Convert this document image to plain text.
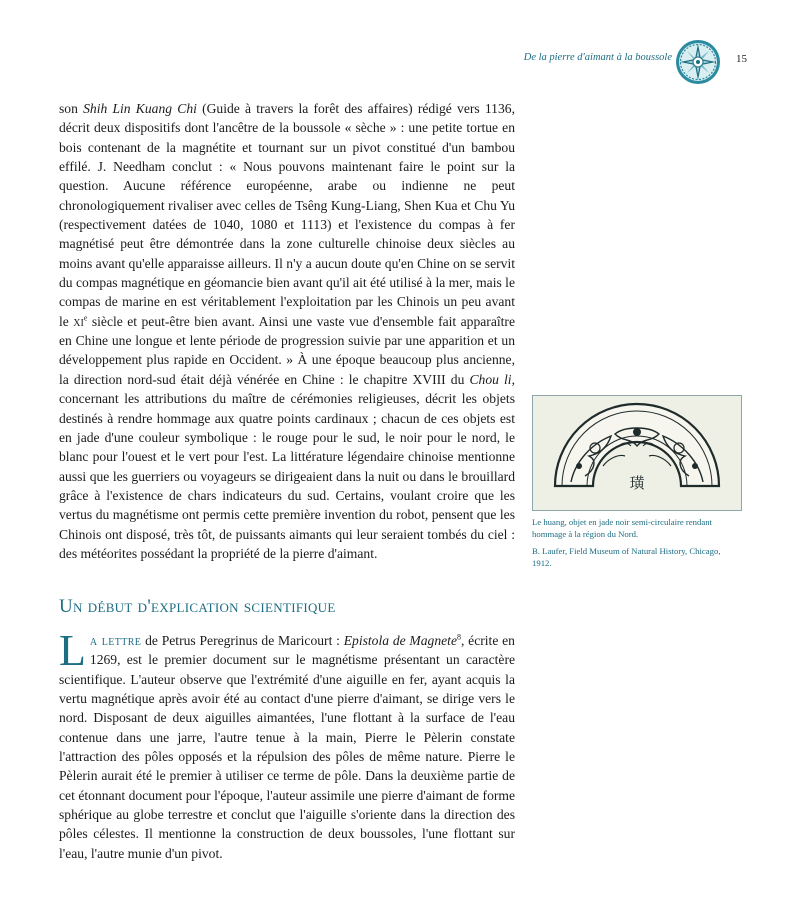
De la pierre d'aimant à la boussole	15

son Shih Lin Kuang Chi (Guide à travers la forêt des affaires) rédigé vers 1136, décrit deux dispositifs dont l'ancêtre de la boussole « sèche » : une petite tortue en bois contenant de la magnétite et tournant sur un pivot constitué d'un bambou effilé. J. Needham conclut : « Nous pouvons maintenant faire le point sur la question. Aucune référence européenne, arabe ou indienne ne peut chronologiquement rivaliser avec celles de Tsêng Kung-Liang, Shen Kua et Chu Yu (respectivement datées de 1040, 1080 et 1113) et l'existence du compas à fer magnétisé peut être démontrée dans la zone culturelle chinoise deux siècles au moins avant qu'elle apparaisse ailleurs. Il n'y a aucun doute qu'en Chine on se servit du compas magnétique en géomancie bien avant qu'il ait été utilisé à la mer, mais le compas de marine en est véritablement l'exploitation par les Chinois un peu avant le $xi^e$ siècle et peut-être bien avant. Ainsi une vaste vue d'ensemble fait apparaître en Chine une longue et lente période de progression suivie par une apparition et un développement plus rapide en Occident. » À une époque beaucoup plus ancienne, la direction nord-sud était déjà vénérée en Chine : le chapitre XVIII du Chou li, concernant les attributions du maître de cérémonies religieuses, décrit les objets destinés à rendre hommage aux quatre points cardinaux ; chacun de ces objets est en jade d'une couleur symbolique : le rouge pour le sud, le noir pour le nord, le blanc pour l'ouest et le vert pour l'est. La littérature légendaire chinoise mentionne aussi que les guerriers ou voyageurs se dirigeaient dans la nuit ou dans le brouillard grâce à l'existence de chars indicateurs du sud. Certains, voulant croire que les vertus du magnétisme ont permis cette première invention du robot, pensent que les Chinois ont disposé, très tôt, de puissants aimants qui leur seraient tombés du ciel : des météorites possédant la propriété de la pierre d'aimant.

Un début d'explication scientifique

La lettre de Petrus Peregrinus de Maricourt : Epistola de Magnete$^8$, écrite en 1269, est le premier document sur le magnétisme présentant un caractère scientifique. L'auteur observe que l'extrémité d'une aiguille en fer, ayant acquis la vertu magnétique après avoir été au contact d'une pierre d'aimant, se dirige vers le nord. Disposant de deux aiguilles aimantées, l'une flottant à la surface de l'eau contenue dans une jarre, l'autre tenue à la main, Pierre le Pèlerin constate l'attraction des pôles opposés et la répulsion des pôles de même nature. Pierre le Pèlerin aurait été le premier à utiliser ce terme de pôle. Dans la deuxième partie de cet étonnant document pour l'époque, l'auteur assimile une pierre d'aimant de forme sphérique au globe terrestre et conclut que l'aiguille s'oriente dans la direction des pôles célestes. Il mentionne la construction de deux boussoles, l'une flottant sur l'eau, l'autre munie d'un pivot.

璜

Le huang, objet en jade noir semi-circulaire rendant hommage à la région du Nord.

B. Laufer, Field Museum of Natural History, Chicago, 1912.
